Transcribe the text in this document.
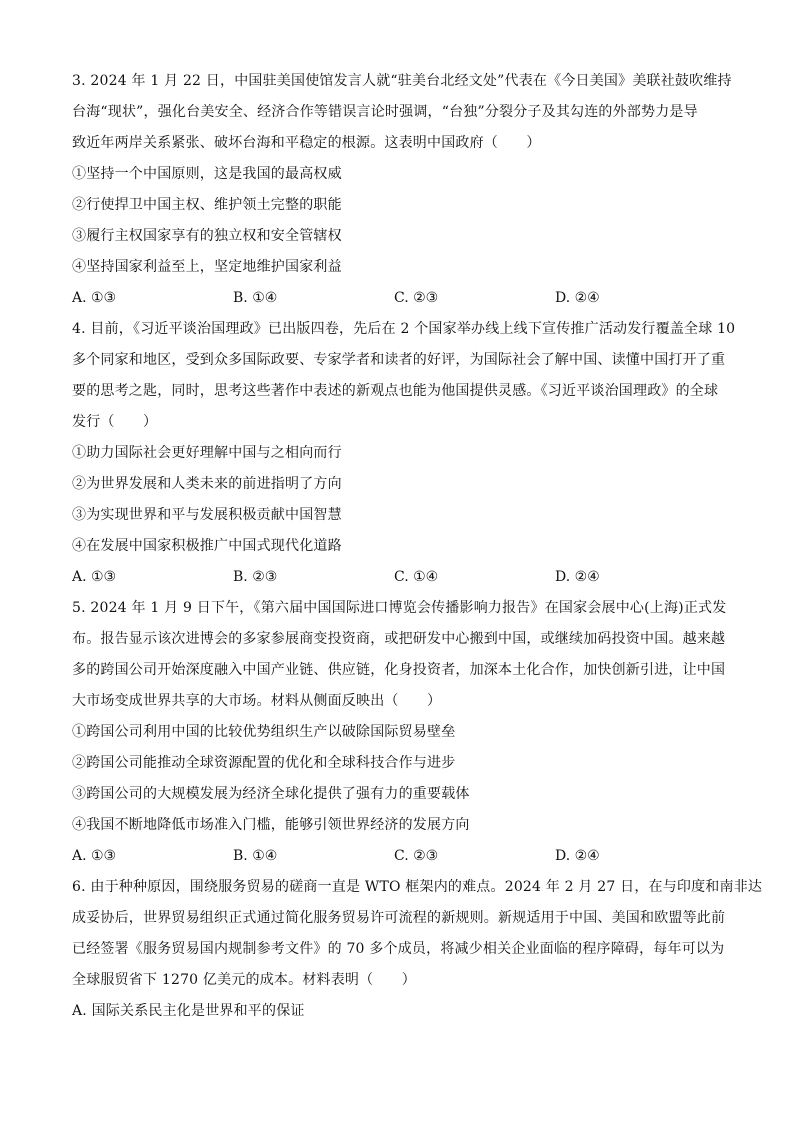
3. 2024 年 1 月 22 日，中国驻美国使馆发言人就“驻美台北经文处”代表在《今日美国》美联社鼓吹维持
台海“现状”，强化台美安全、经济合作等错误言论时强调，“台独”分裂分子及其勾连的外部势力是导
致近年两岸关系紧张、破坏台海和平稳定的根源。这表明中国政府（　　）
①坚持一个中国原则，这是我国的最高权威
②行使捍卫中国主权、维护领土完整的职能
③履行主权国家享有的独立权和安全管辖权
④坚持国家利益至上，坚定地维护国家利益
A. ①③	B. ①④	C. ②③	D. ②④
4. 目前，《习近平谈治国理政》已出版四卷，先后在 2 个国家举办线上线下宣传推广活动发行覆盖全球 10
多个同家和地区，受到众多国际政要、专家学者和读者的好评，为国际社会了解中国、读懂中国打开了重
要的思考之匙，同时，思考这些著作中表述的新观点也能为他国提供灵感。《习近平谈治国理政》的全球
发行（　　）
①助力国际社会更好理解中国与之相向而行
②为世界发展和人类未来的前进指明了方向
③为实现世界和平与发展积极贡献中国智慧
④在发展中国家积极推广中国式现代化道路
A. ①③	B. ②③	C. ①④	D. ②④
5. 2024 年 1 月 9 日下午，《第六届中国国际进口博览会传播影响力报告》在国家会展中心(上海)正式发
布。报告显示该次进博会的多家参展商变投资商，或把研发中心搬到中国，或继续加码投资中国。越来越
多的跨国公司开始深度融入中国产业链、供应链，化身投资者，加深本土化合作，加快创新引进，让中国
大市场变成世界共享的大市场。材料从侧面反映出（　　）
①跨国公司利用中国的比较优势组织生产以破除国际贸易壁垒
②跨国公司能推动全球资源配置的优化和全球科技合作与进步
③跨国公司的大规模发展为经济全球化提供了强有力的重要载体
④我国不断地降低市场准入门槛，能够引领世界经济的发展方向
A. ①③	B. ①④	C. ②③	D. ②④
6. 由于种种原因，围绕服务贸易的磋商一直是 WTO 框架内的难点。2024 年 2 月 27 日，在与印度和南非达
成妥协后，世界贸易组织正式通过简化服务贸易许可流程的新规则。新规适用于中国、美国和欧盟等此前
已经签署《服务贸易国内规制参考文件》的 70 多个成员，将减少相关企业面临的程序障碍，每年可以为
全球服贸省下 1270 亿美元的成本。材料表明（　　）
A. 国际关系民主化是世界和平的保证
